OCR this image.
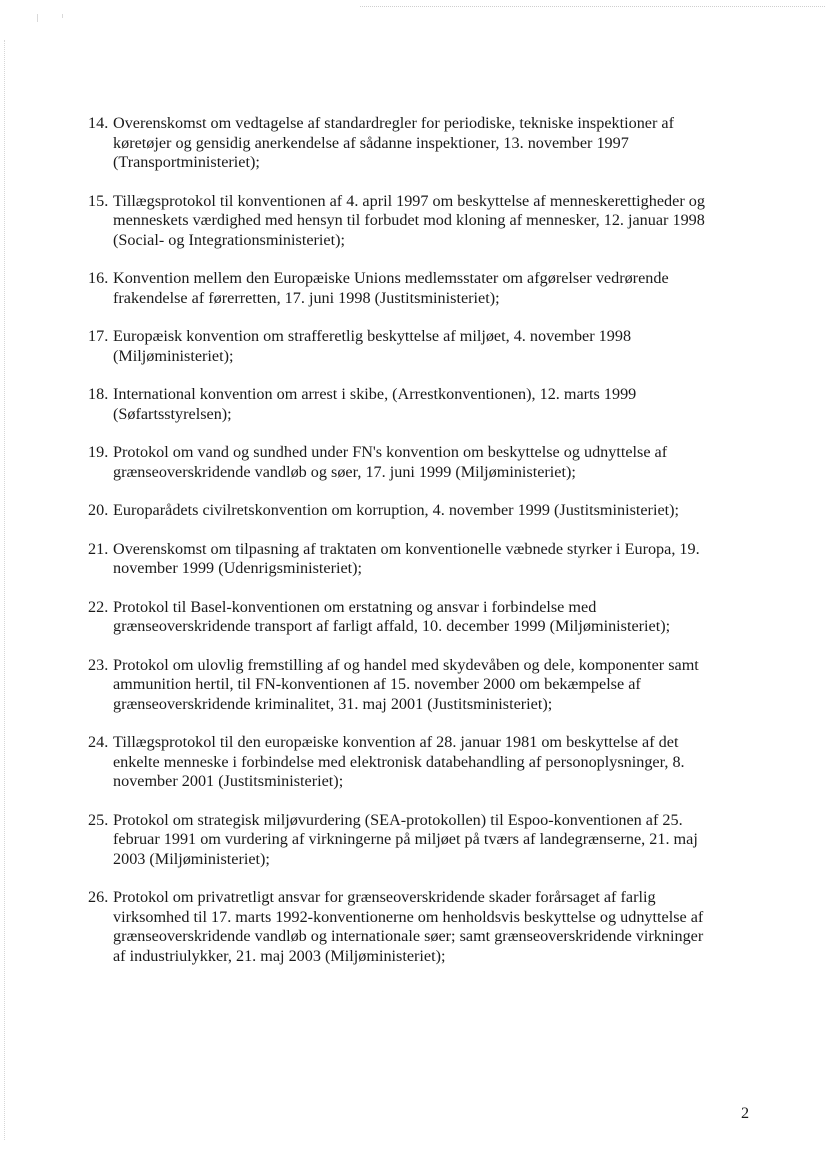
14. Overenskomst om vedtagelse af standardregler for periodiske, tekniske inspektioner af
køretøjer og gensidig anerkendelse af sådanne inspektioner, 13. november 1997
(Transportministeriet);
15. Tillægsprotokol til konventionen af 4. april 1997 om beskyttelse af menneskerettigheder og
menneskets værdighed med hensyn til forbudet mod kloning af mennesker, 12. januar 1998
(Social- og Integrationsministeriet);
16. Konvention mellem den Europæiske Unions medlemsstater om afgørelser vedrørende
frakendelse af førerretten, 17. juni 1998 (Justitsministeriet);
17. Europæisk konvention om strafferetlig beskyttelse af miljøet, 4. november 1998
(Miljøministeriet);
18. International konvention om arrest i skibe, (Arrestkonventionen), 12. marts 1999
(Søfartsstyrelsen);
19. Protokol om vand og sundhed under FN's konvention om beskyttelse og udnyttelse af
grænseoverskridende vandløb og søer, 17. juni 1999 (Miljøministeriet);
20. Europarådets civilretskonvention om korruption, 4. november 1999 (Justitsministeriet);
21. Overenskomst om tilpasning af traktaten om konventionelle væbnede styrker i Europa, 19.
november 1999 (Udenrigsministeriet);
22. Protokol til Basel-konventionen om erstatning og ansvar i forbindelse med
grænseoverskridende transport af farligt affald, 10. december 1999 (Miljøministeriet);
23. Protokol om ulovlig fremstilling af og handel med skydevåben og dele, komponenter samt
ammunition hertil, til FN-konventionen af 15. november 2000 om bekæmpelse af
grænseoverskridende kriminalitet, 31. maj 2001 (Justitsministeriet);
24. Tillægsprotokol til den europæiske konvention af 28. januar 1981 om beskyttelse af det
enkelte menneske i forbindelse med elektronisk databehandling af personoplysninger, 8.
november 2001 (Justitsministeriet);
25. Protokol om strategisk miljøvurdering (SEA-protokollen) til Espoo-konventionen af 25.
februar 1991 om vurdering af virkningerne på miljøet på tværs af landegrænserne, 21. maj
2003 (Miljøministeriet);
26. Protokol om privatretligt ansvar for grænseoverskridende skader forårsaget af farlig
virksomhed til 17. marts 1992-konventionerne om henholdsvis beskyttelse og udnyttelse af
grænseoverskridende vandløb og internationale søer; samt grænseoverskridende virkninger
af industriulykker, 21. maj 2003 (Miljøministeriet);
2
